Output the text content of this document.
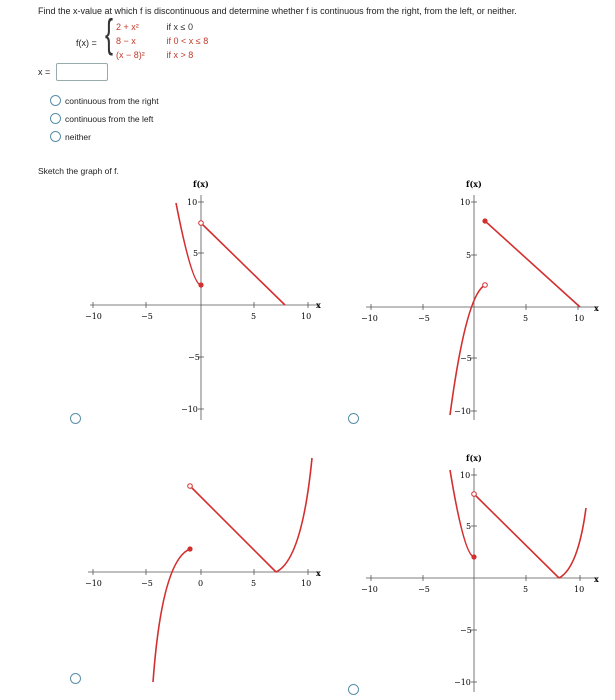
Find the x-value at which f is discontinuous and determine whether f is continuous from the right, from the left, or neither.
f(x) = { 2 + x²	if x ≤ 0
8 − x	if 0 < x ≤ 8
(x − 8)² if x > 8
x =
continuous from the right
continuous from the left
neither
Sketch the graph of f.
f(x)
x
10
5
−5
−10
−10	−5	5	10
f(x)
x
10
5
−5
−10
−10	−5	5	10
x
−10	−5	0	5	10
f(x)
x
10
5
−5
−10
−10	−5	5	10
